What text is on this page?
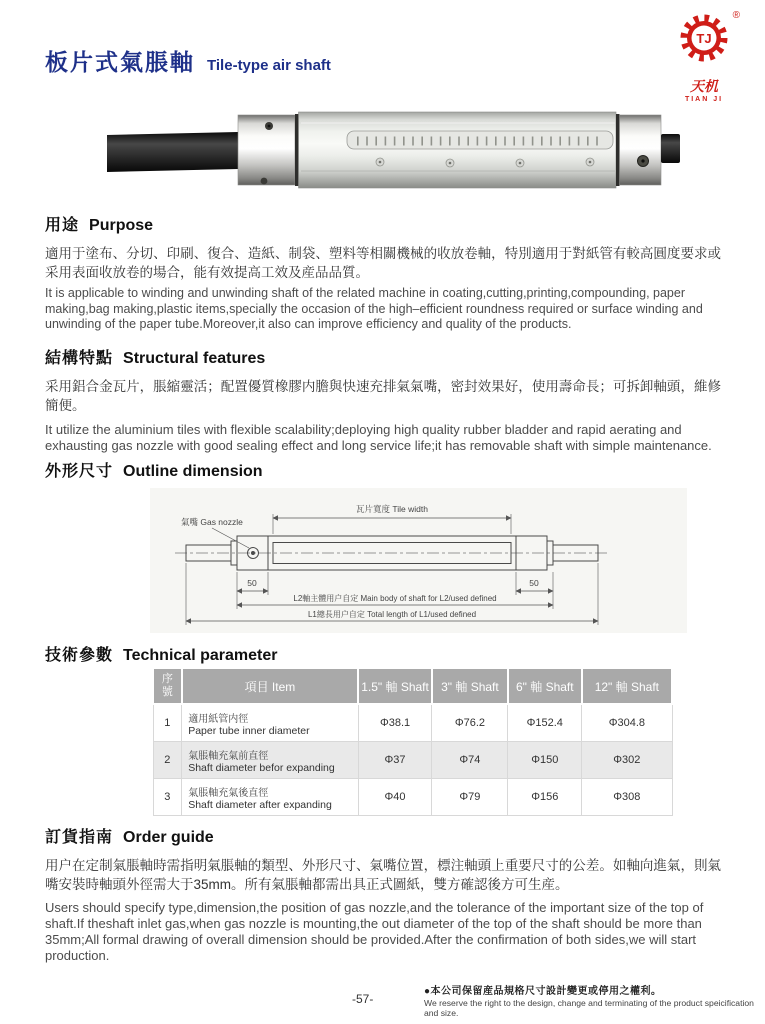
板片式氣脹軸 Tile-type air shaft
®
TJ
天机
TIAN JI
用途 Purpose

適用于塗布、分切、印刷、復合、造紙、制袋、塑料等相關機械的收放卷軸，特別適用于對紙管有較高圓度要求或采用表面收放卷的場合，能有效提高工效及産品品質。

It is applicable to winding and unwinding shaft of the related machine in coating,cutting,printing,compounding, paper making,bag making,plastic items,specially the occasion of the high–efficient roundness required or surface winding and unwinding of the paper tube.Moreover,it also can improve efficiency and quality of the products.

結構特點 Structural features

采用鋁合金瓦片，脹縮靈活；配置優質橡膠内膽與快速充排氣氣嘴，密封效果好，使用壽命長；可拆卸軸頭，維修簡便。

It utilize the aluminium tiles with flexible scalability;deploying high quality rubber bladder and rapid aerating and exhausting gas nozzle with good sealing effect and long service life;it has removable shaft with simple maintenance.

外形尺寸 Outline dimension
氣嘴 Gas nozzle
瓦片寬度 Tile width
50	50
L2軸主體用户自定 Main body of shaft for L2/used defined
L1總長用户自定 Total length of L1/used defined
技術參數 Technical parameter
序號	項目 Item	1.5" 軸 Shaft	3" 軸 Shaft	6" 軸 Shaft	12" 軸 Shaft
1	適用紙管内徑
Paper tube inner diameter	Φ38.1	Φ76.2	Φ152.4	Φ304.8
2	氣脹軸充氣前直徑
Shaft diameter befor expanding	Φ37	Φ74	Φ150	Φ302
3	氣脹軸充氣後直徑
Shaft diameter after expanding	Φ40	Φ79	Φ156	Φ308
訂貨指南 Order guide

用户在定制氣脹軸時需指明氣脹軸的類型、外形尺寸、氣嘴位置，標注軸頭上重要尺寸的公差。如軸向進氣，則氣嘴安裝時軸頭外徑需大于35mm。所有氣脹軸都需出具正式圖紙，雙方確認後方可生産。

Users should specify type,dimension,the position of gas nozzle,and the tolerance of the important size of the top of shaft.If theshaft inlet gas,when gas nozzle is mounting,the out diameter of the top of the shaft should be more than 35mm;All formal drawing of overall dimension should be provided.After the confirmation of both sides,we will start production.

-57-
●本公司保留産品規格尺寸設計變更或停用之權利。
We reserve the right to the design, change and terminating of the product speicification and size.
